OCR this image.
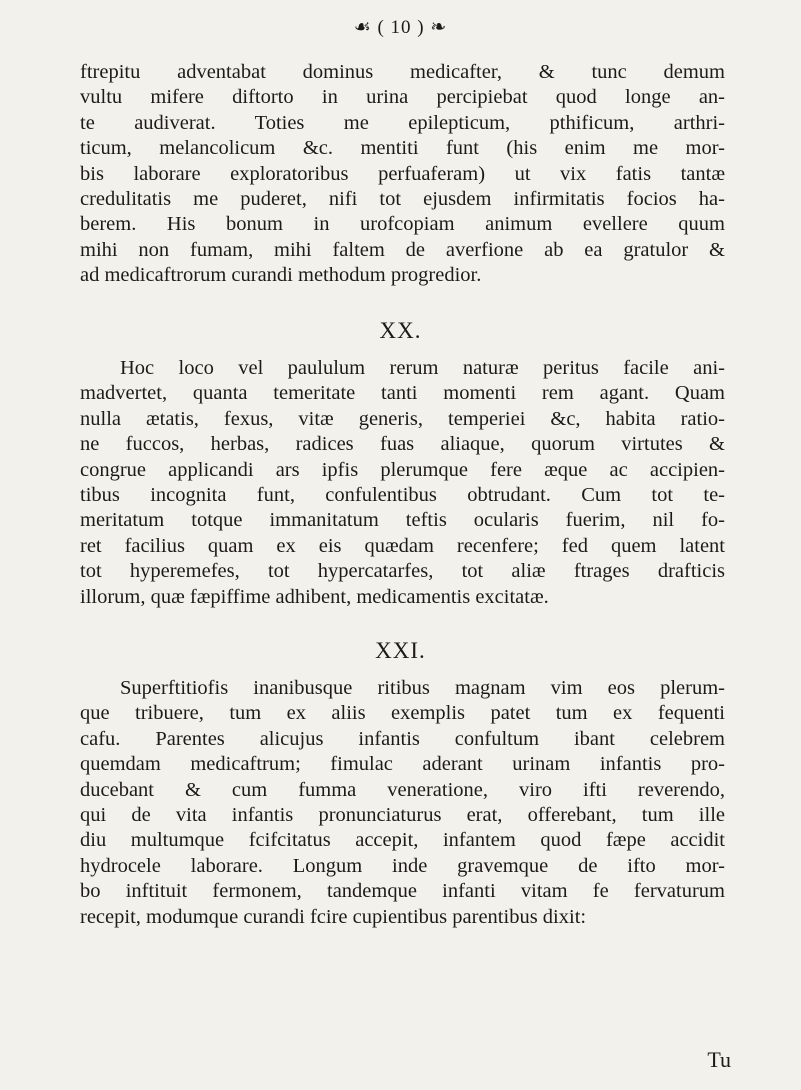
☙ ( 10 ) ❧
ftrepitu adventabat dominus medicafter, & tunc demum
vultu mifere diftorto in urina percipiebat quod longe an-
te audiverat. Toties me epilepticum, pthificum, arthri-
ticum, melancolicum &c. mentiti funt (his enim me mor-
bis laborare exploratoribus perfuaferam) ut vix fatis tantæ
credulitatis me puderet, nifi tot ejusdem infirmitatis focios ha-
berem. His bonum in urofcopiam animum evellere quum
mihi non fumam, mihi faltem de averfione ab ea gratulor &
ad medicaftrorum curandi methodum progredior.
XX.
Hoc loco vel paululum rerum naturæ peritus facile ani-
madvertet, quanta temeritate tanti momenti rem agant. Quam
nulla ætatis, fexus, vitæ generis, temperiei &c, habita ratio-
ne fuccos, herbas, radices fuas aliaque, quorum virtutes &
congrue applicandi ars ipfis plerumque fere æque ac accipien-
tibus incognita funt, confulentibus obtrudant. Cum tot te-
meritatum totque immanitatum teftis ocularis fuerim, nil fo-
ret facilius quam ex eis quædam recenfere; fed quem latent
tot hyperemefes, tot hypercatarfes, tot aliæ ftrages drafticis
illorum, quæ fæpiffime adhibent, medicamentis excitatæ.
XXI.
Superftitiofis inanibusque ritibus magnam vim eos plerum-
que tribuere, tum ex aliis exemplis patet tum ex fequenti
cafu. Parentes alicujus infantis confultum ibant celebrem
quemdam medicaftrum; fimulac aderant urinam infantis pro-
ducebant & cum fumma veneratione, viro ifti reverendo,
qui de vita infantis pronunciaturus erat, offerebant, tum ille
diu multumque fcifcitatus accepit, infantem quod fæpe accidit
hydrocele laborare. Longum inde gravemque de ifto mor-
bo inftituit fermonem, tandemque infanti vitam fe fervaturum
recepit, modumque curandi fcire cupientibus parentibus dixit:
Tu
